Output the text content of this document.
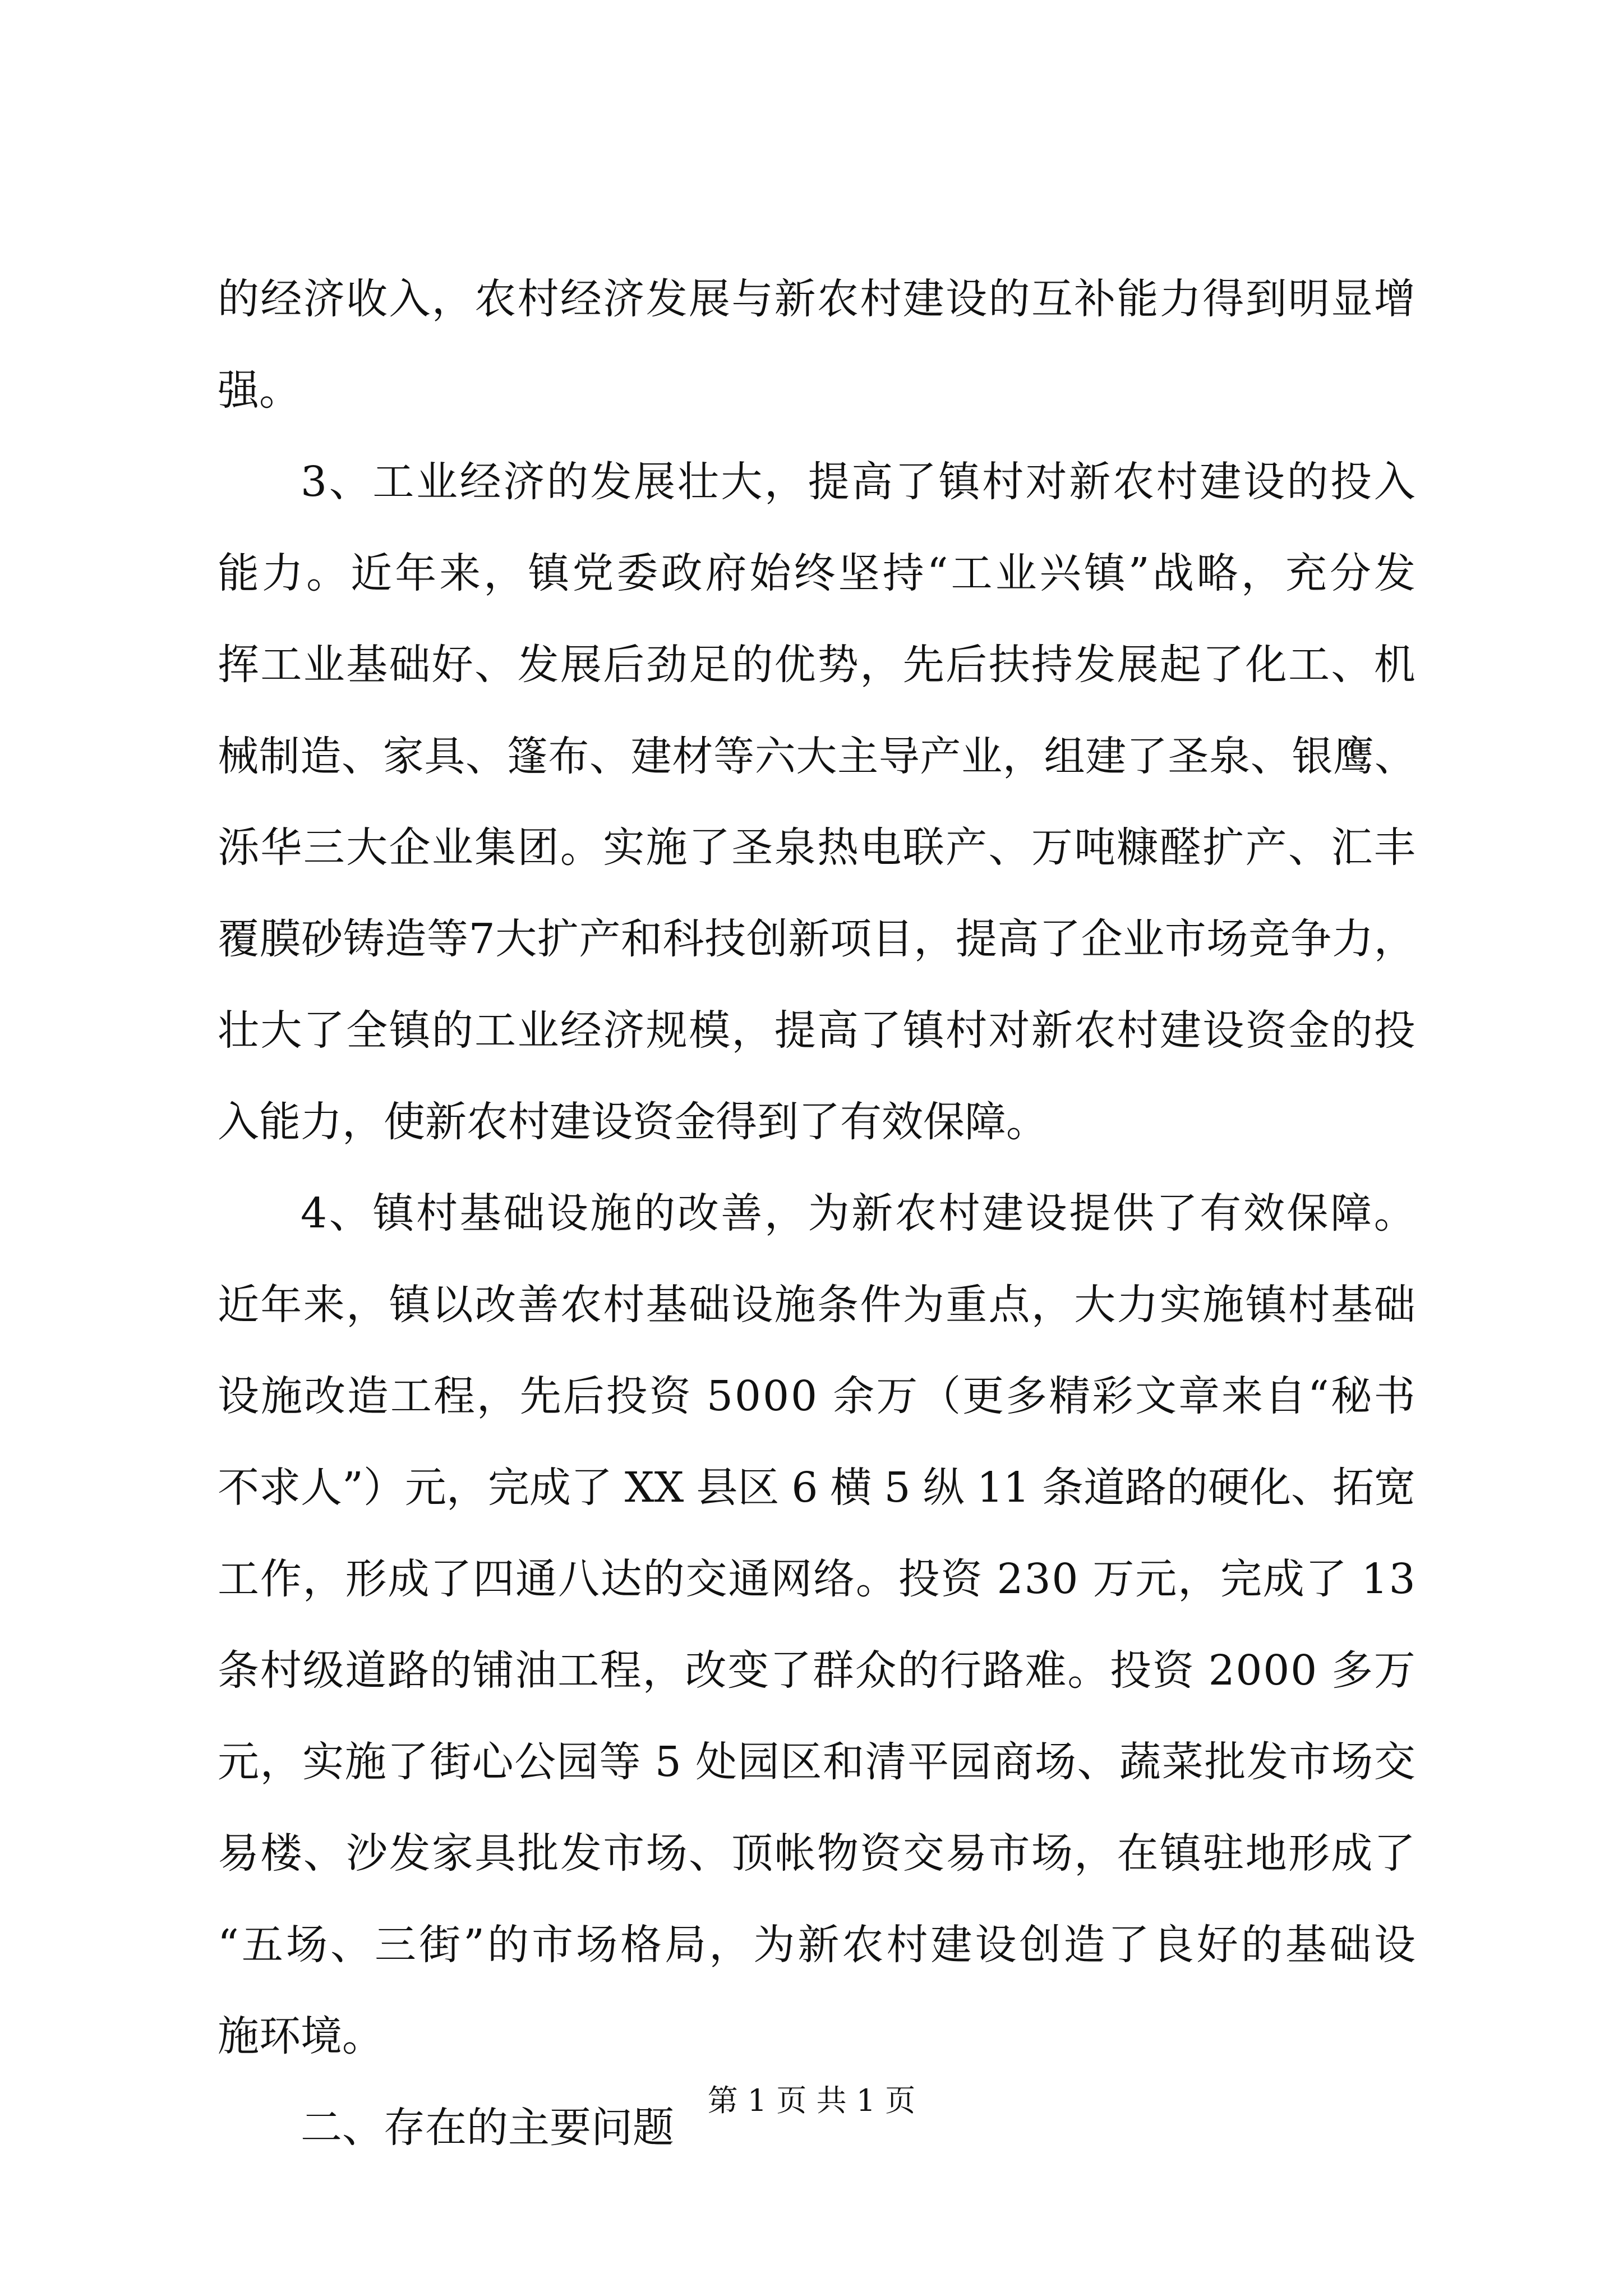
的 经 济 收 入 ， 农 村 经 济 发 展 与 新 农 村 建 设 的 互 补 能 力 得 到 明 显 增
强。
3 、 工 业 经 济 的 发 展 壮 大 ， 提 高 了 镇 村 对 新 农 村 建 设 的 投 入
能 力 。 近 年 来 ， 镇 党 委 政 府 始 终 坚 持 “ 工 业 兴 镇 ” 战 略 ， 充 分 发
挥 工 业 基 础 好 、 发 展 后 劲 足 的 优 势 ， 先 后 扶 持 发 展 起 了 化 工 、 机
械 制 造 、 家 具 、 篷 布 、 建 材 等 六 大 主 导 产 业 ， 组 建 了 圣 泉 、 银 鹰 、
泺 华 三 大 企 业 集 团 。 实 施 了 圣 泉 热 电 联 产 、 万 吨 糠 醛 扩 产 、 汇 丰
覆 膜 砂 铸 造 等 7 大 扩 产 和 科 技 创 新 项 目 ， 提 高 了 企 业 市 场 竞 争 力 ，
壮 大 了 全 镇 的 工 业 经 济 规 模 ， 提 高 了 镇 村 对 新 农 村 建 设 资 金 的 投
入能力，使新农村建设资金得到了有效保障。
4 、 镇 村 基 础 设 施 的 改 善 ， 为 新 农 村 建 设 提 供 了 有 效 保 障 。
近 年 来 ， 镇 以 改 善 农 村 基 础 设 施 条 件 为 重 点 ， 大 力 实 施 镇 村 基 础
设 施 改 造 工 程 ， 先 后 投 资 5 0 0 0 余 万 （ 更 多 精 彩 文 章 来 自 “ 秘 书
不 求 人 ” ） 元 ， 完 成 了 X X 县 区 6 横 5 纵 1 1 条 道 路 的 硬 化 、 拓 宽
工 作 ， 形 成 了 四 通 八 达 的 交 通 网 络 。 投 资 2 3 0 万 元 ， 完 成 了 1 3
条 村 级 道 路 的 铺 油 工 程 ， 改 变 了 群 众 的 行 路 难 。 投 资 2 0 0 0 多 万
元 ， 实 施 了 街 心 公 园 等 5 处 园 区 和 清 平 园 商 场 、 蔬 菜 批 发 市 场 交
易 楼 、 沙 发 家 具 批 发 市 场 、 顶 帐 物 资 交 易 市 场 ， 在 镇 驻 地 形 成 了
“ 五 场 、 三 街 ” 的 市 场 格 局 ， 为 新 农 村 建 设 创 造 了 良 好 的 基 础 设
施环境。
二、存在的主要问题
第 1 页 共 1 页
